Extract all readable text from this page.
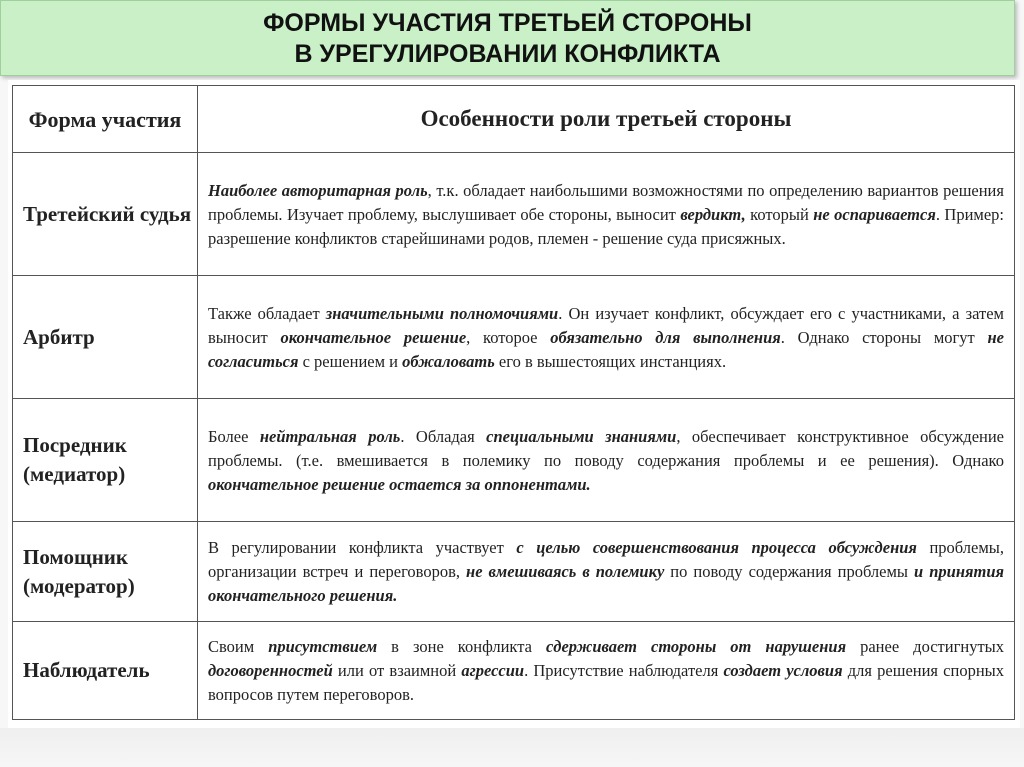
ФОРМЫ УЧАСТИЯ ТРЕТЬЕЙ СТОРОНЫ
В УРЕГУЛИРОВАНИИ КОНФЛИКТА
Форма участия	Особенности роли третьей стороны
Третейский судья	Наиболее авторитарная роль, т.к. обладает наибольшими возможностями по определению вариантов решения проблемы. Изучает проблему, выслушивает обе стороны, выносит вердикт, который не оспаривается. Пример: разрешение конфликтов старейшинами родов, племен - решение суда присяжных.

Арбитр	Также обладает значительными полномочиями. Он изучает конфликт, обсуждает его с участниками, а затем выносит окончательное решение, которое обязательно для выполнения. Однако стороны могут не согласиться с решением и обжаловать его в вышестоящих инстанциях.

Посредник (медиатор)	Более нейтральная роль. Обладая специальными знаниями, обеспечивает конструктивное обсуждение проблемы. (т.е. вмешивается в полемику по поводу содержания проблемы и ее решения). Однако окончательное решение остается за оппонентами.

Помощник (модератор)	В регулировании конфликта участвует с целью совершенствования процесса обсуждения проблемы, организации встреч и переговоров, не вмешиваясь в полемику по поводу содержания проблемы и принятия окончательного решения.

Наблюдатель	Своим присутствием в зоне конфликта сдерживает стороны от нарушения ранее достигнутых договоренностей или от взаимной агрессии. Присутствие наблюдателя создает условия для решения спорных вопросов путем переговоров.
